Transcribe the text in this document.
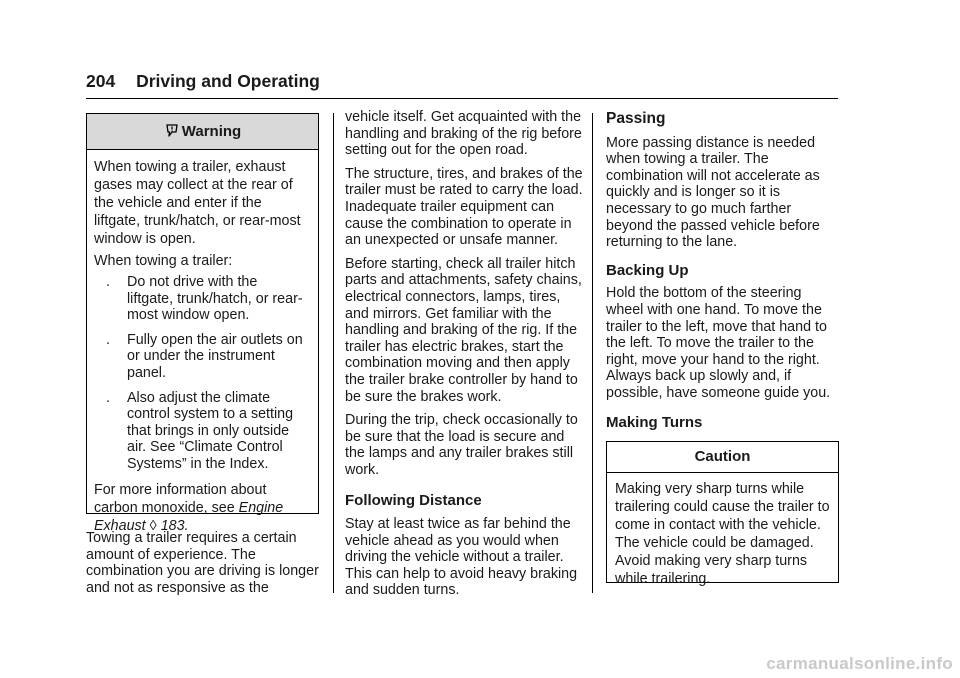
204 Driving and Operating
Warning

When towing a trailer, exhaust gases may collect at the rear of the vehicle and enter if the liftgate, trunk/hatch, or rear-most window is open.

When towing a trailer:

. Do not drive with the liftgate, trunk/hatch, or rear-most window open.
. Fully open the air outlets on or under the instrument panel.
. Also adjust the climate control system to a setting that brings in only outside air. See “Climate Control Systems” in the Index.

For more information about carbon monoxide, see Engine Exhaust ◊ 183.

Towing a trailer requires a certain amount of experience. The combination you are driving is longer and not as responsive as the

vehicle itself. Get acquainted with the handling and braking of the rig before setting out for the open road.

The structure, tires, and brakes of the trailer must be rated to carry the load. Inadequate trailer equipment can cause the combination to operate in an unexpected or unsafe manner.

Before starting, check all trailer hitch parts and attachments, safety chains, electrical connectors, lamps, tires, and mirrors. Get familiar with the handling and braking of the rig. If the trailer has electric brakes, start the combination moving and then apply the trailer brake controller by hand to be sure the brakes work.

During the trip, check occasionally to be sure that the load is secure and the lamps and any trailer brakes still work.

Following Distance

Stay at least twice as far behind the vehicle ahead as you would when driving the vehicle without a trailer. This can help to avoid heavy braking and sudden turns.

Passing

More passing distance is needed when towing a trailer. The combination will not accelerate as quickly and is longer so it is necessary to go much farther beyond the passed vehicle before returning to the lane.

Backing Up

Hold the bottom of the steering wheel with one hand. To move the trailer to the left, move that hand to the left. To move the trailer to the right, move your hand to the right. Always back up slowly and, if possible, have someone guide you.

Making Turns
Caution

Making very sharp turns while trailering could cause the trailer to come in contact with the vehicle. The vehicle could be damaged. Avoid making very sharp turns while trailering.

carmanualsonline.info
